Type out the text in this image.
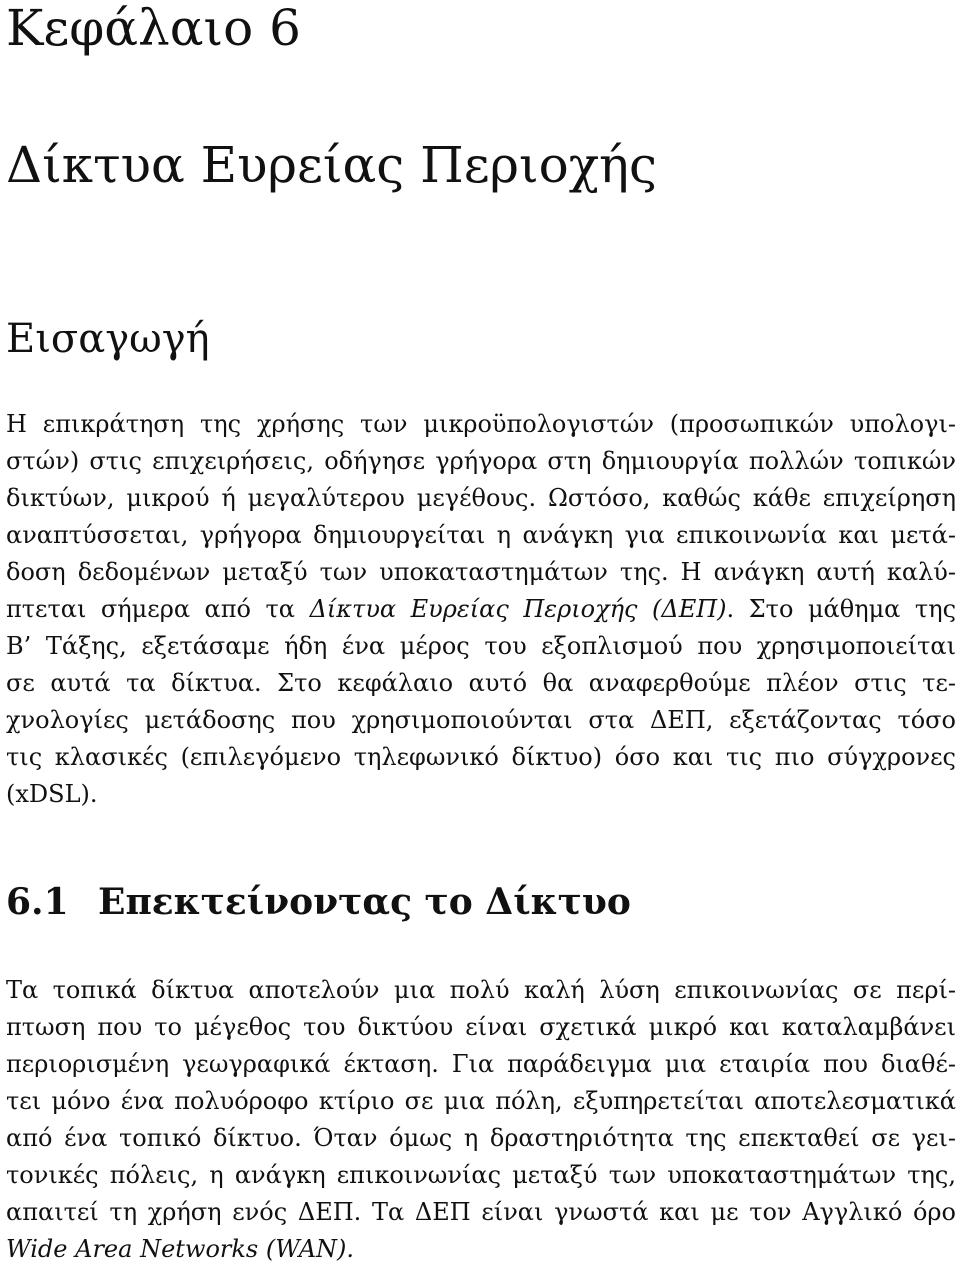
Κεφάλαιο 6
Δίκτυα Ευρείας Περιοχής
Εισαγωγή

Η επικράτηση της χρήσης των μικροϋπολογιστών (προσωπικών υπολογι-
στών) στις επιχειρήσεις, οδήγησε γρήγορα στη δημιουργία πολλών τοπικών
δικτύων, μικρού ή μεγαλύτερου μεγέθους. Ωστόσο, καθώς κάθε επιχείρηση
αναπτύσσεται, γρήγορα δημιουργείται η ανάγκη για επικοινωνία και μετά-
δοση δεδομένων μεταξύ των υποκαταστημάτων της. Η ανάγκη αυτή καλύ-
πτεται σήμερα από τα Δίκτυα Ευρείας Περιοχής (ΔΕΠ). Στο μάθημα της
Β’ Τάξης, εξετάσαμε ήδη ένα μέρος του εξοπλισμού που χρησιμοποιείται
σε αυτά τα δίκτυα. Στο κεφάλαιο αυτό θα αναφερθούμε πλέον στις τε-
χνολογίες μετάδοσης που χρησιμοποιούνται στα ΔΕΠ, εξετάζοντας τόσο
τις κλασικές (επιλεγόμενο τηλεφωνικό δίκτυο) όσο και τις πιο σύγχρονες
(xDSL).

6.1 Επεκτείνοντας το Δίκτυο

Τα τοπικά δίκτυα αποτελούν μια πολύ καλή λύση επικοινωνίας σε περί-
πτωση που το μέγεθος του δικτύου είναι σχετικά μικρό και καταλαμβάνει
περιορισμένη γεωγραφικά έκταση. Για παράδειγμα μια εταιρία που διαθέ-
τει μόνο ένα πολυόροφο κτίριο σε μια πόλη, εξυπηρετείται αποτελεσματικά
από ένα τοπικό δίκτυο. Όταν όμως η δραστηριότητα της επεκταθεί σε γει-
τονικές πόλεις, η ανάγκη επικοινωνίας μεταξύ των υποκαταστημάτων της,
απαιτεί τη χρήση ενός ΔΕΠ. Τα ΔΕΠ είναι γνωστά και με τον Αγγλικό όρο
Wide Area Networks (WAN).
